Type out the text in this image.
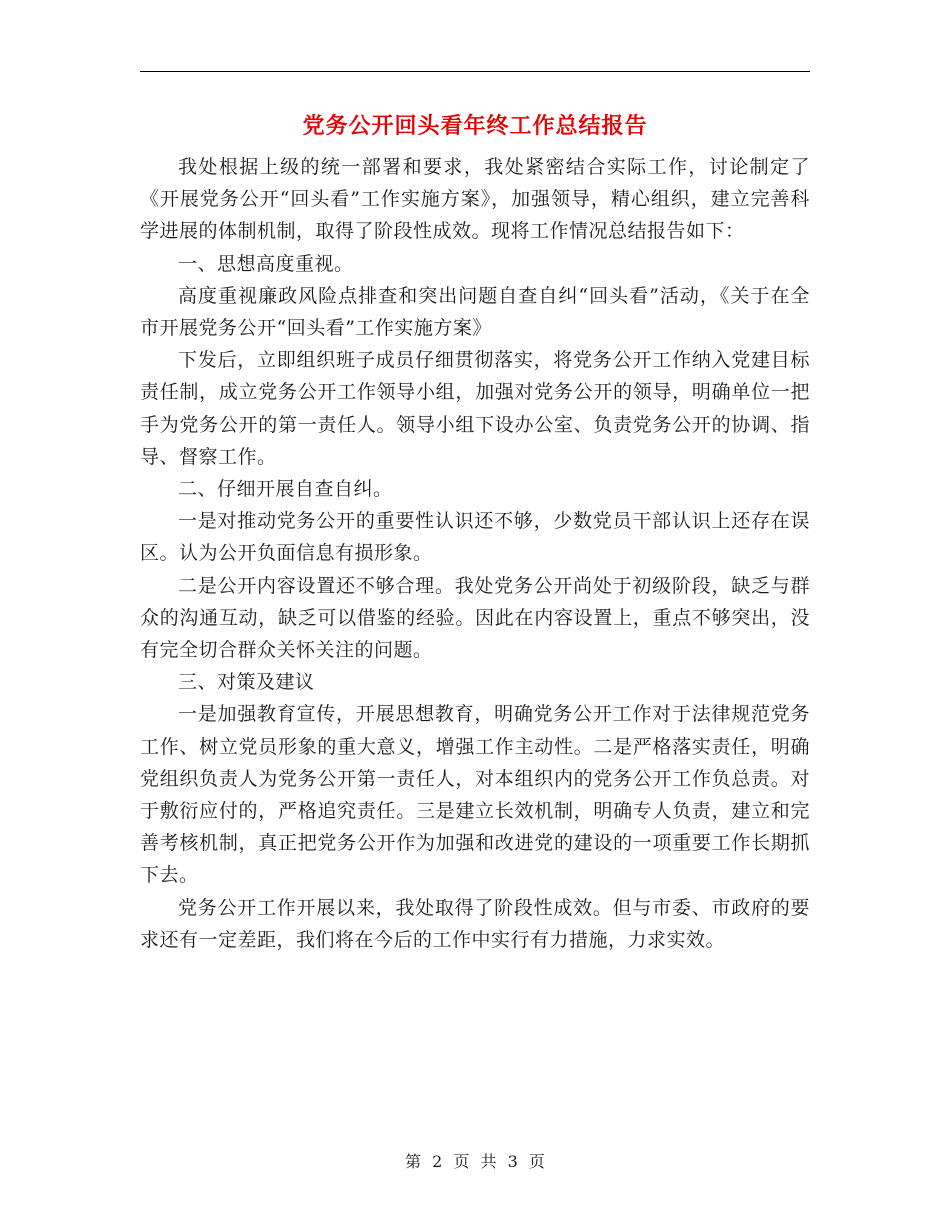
党务公开回头看年终工作总结报告

我处根据上级的统一部署和要求，我处紧密结合实际工作，讨论制定了《开展党务公开“回头看”工作实施方案》，加强领导，精心组织，建立完善科学进展的体制机制，取得了阶段性成效。现将工作情况总结报告如下：

一、思想高度重视。

高度重视廉政风险点排查和突出问题自查自纠“回头看”活动，《关于在全市开展党务公开“回头看”工作实施方案》

下发后，立即组织班子成员仔细贯彻落实，将党务公开工作纳入党建目标责任制，成立党务公开工作领导小组，加强对党务公开的领导，明确单位一把手为党务公开的第一责任人。领导小组下设办公室、负责党务公开的协调、指导、督察工作。

二、仔细开展自查自纠。

一是对推动党务公开的重要性认识还不够，少数党员干部认识上还存在误区。认为公开负面信息有损形象。

二是公开内容设置还不够合理。我处党务公开尚处于初级阶段，缺乏与群众的沟通互动，缺乏可以借鉴的经验。因此在内容设置上，重点不够突出，没有完全切合群众关怀关注的问题。

三、对策及建议

一是加强教育宣传，开展思想教育，明确党务公开工作对于法律规范党务工作、树立党员形象的重大意义，增强工作主动性。二是严格落实责任，明确党组织负责人为党务公开第一责任人，对本组织内的党务公开工作负总责。对于敷衍应付的，严格追究责任。三是建立长效机制，明确专人负责，建立和完善考核机制，真正把党务公开作为加强和改进党的建设的一项重要工作长期抓下去。

党务公开工作开展以来，我处取得了阶段性成效。但与市委、市政府的要求还有一定差距，我们将在今后的工作中实行有力措施，力求实效。

第 2 页 共 3 页
